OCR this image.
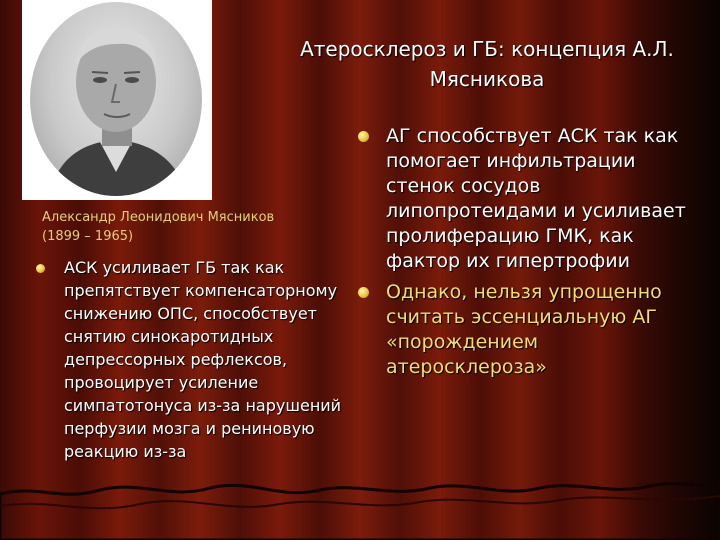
Александр Леонидович Мясников (1899 – 1965)

Атеросклероз и ГБ: концепция А.Л. Мясникова
АГ способствует АСК так как помогает инфильтрации стенок сосудов липопротеидами и усиливает пролиферацию ГМК, как фактор их гипертрофии
Однако, нельзя упрощенно считать эссенциальную АГ «порождением атеросклероза»
АСК усиливает ГБ так как препятствует компенсаторному снижению ОПС, способствует снятию синокаротидных депрессорных рефлексов, провоцирует усиление симпатотонуса из-за нарушений перфузии мозга и рениновую реакцию из-за
